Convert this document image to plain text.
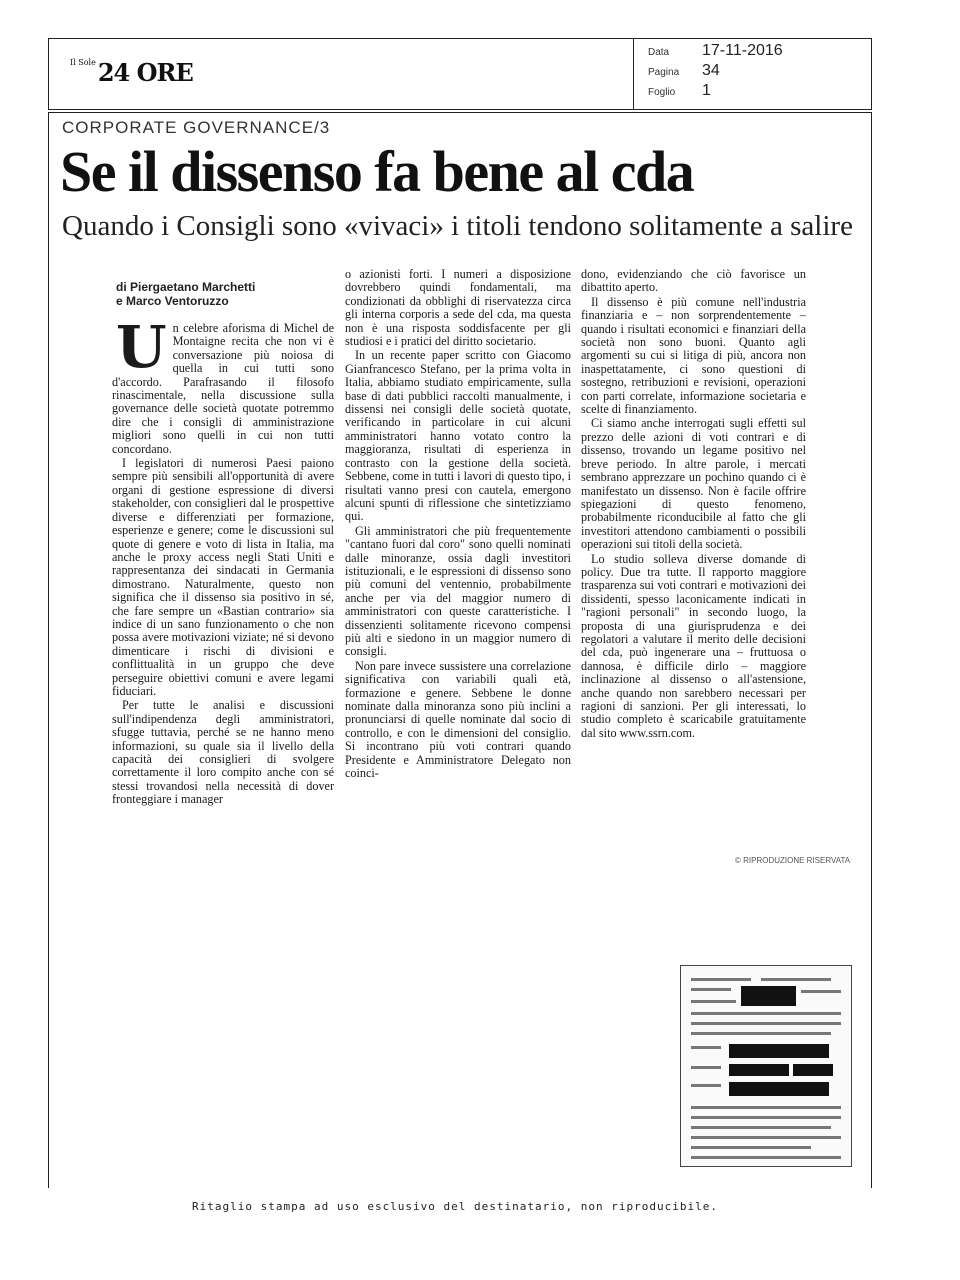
$^{Il Sole}$24 ORE
Data 17-11-2016
Pagina 34
Foglio 1
CORPORATE GOVERNANCE/3
Se il dissenso fa bene al cda
Quando i Consigli sono «vivaci» i titoli tendono solitamente a salire
di Piergaetano Marchetti
e Marco Ventoruzzo

Un celebre aforisma di Michel de Montaigne recita che non vi è conversazione più noiosa di quella in cui tutti sono d'accordo. Parafrasando il filosofo rinascimentale, nella discussione sulla governance delle società quotate potremmo dire che i consigli di amministrazione migliori sono quelli in cui non tutti concordano.

I legislatori di numerosi Paesi paiono sempre più sensibili all'opportunità di avere organi di gestione espressione di diversi stakeholder, con consiglieri dal le prospettive diverse e differenziati per formazione, esperienze e genere; come le discussioni sul quote di genere e voto di lista in Italia, ma anche le proxy access negli Stati Uniti e rappresentanza dei sindacati in Germania dimostrano. Naturalmente, questo non significa che il dissenso sia positivo in sé, che fare sempre un «Bastian contrario» sia indice di un sano funzionamento o che non possa avere motivazioni viziate; né si devono dimenticare i rischi di divisioni e conflittualità in un gruppo che deve perseguire obiettivi comuni e avere legami fiduciari.

Per tutte le analisi e discussioni sull'indipendenza degli amministratori, sfugge tuttavia, perché se ne hanno meno informazioni, su quale sia il livello della capacità dei consiglieri di svolgere correttamente il loro compito anche con sé stessi trovandosi nella necessità di dover fronteggiare i manager

o azionisti forti. I numeri a disposizione dovrebbero quindi fondamentali, ma condizionati da obblighi di riservatezza circa gli interna corporis a sede del cda, ma questa non è una risposta soddisfacente per gli studiosi e i pratici del diritto societario.

In un recente paper scritto con Giacomo Gianfrancesco Stefano, per la prima volta in Italia, abbiamo studiato empiricamente, sulla base di dati pubblici raccolti manualmente, i dissensi nei consigli delle società quotate, verificando in particolare in cui alcuni amministratori hanno votato contro la maggioranza, risultati di esperienza in contrasto con la gestione della società. Sebbene, come in tutti i lavori di questo tipo, i risultati vanno presi con cautela, emergono alcuni spunti di riflessione che sintetizziamo qui.

Gli amministratori che più frequentemente "cantano fuori dal coro" sono quelli nominati dalle minoranze, ossia dagli investitori istituzionali, e le espressioni di dissenso sono più comuni del ventennio, probabilmente anche per via del maggior numero di amministratori con queste caratteristiche. I dissenzienti solitamente ricevono compensi più alti e siedono in un maggior numero di consigli.

Non pare invece sussistere una correlazione significativa con variabili quali età, formazione e genere. Sebbene le donne nominate dalla minoranza sono più inclini a pronunciarsi di quelle nominate dal socio di controllo, e con le dimensioni del consiglio. Si incontrano più voti contrari quando Presidente e Amministratore Delegato non coinci-

dono, evidenziando che ciò favorisce un dibattito aperto.

Il dissenso è più comune nell'industria finanziaria e – non sorprendentemente – quando i risultati economici e finanziari della società non sono buoni. Quanto agli argomenti su cui si litiga di più, ancora non inaspettatamente, ci sono questioni di sostegno, retribuzioni e revisioni, operazioni con parti correlate, informazione societaria e scelte di finanziamento.

Ci siamo anche interrogati sugli effetti sul prezzo delle azioni di voti contrari e di dissenso, trovando un legame positivo nel breve periodo. In altre parole, i mercati sembrano apprezzare un pochino quando ci è manifestato un dissenso. Non è facile offrire spiegazioni di questo fenomeno, probabilmente riconducibile al fatto che gli investitori attendono cambiamenti o possibili operazioni sui titoli della società.

Lo studio solleva diverse domande di policy. Due tra tutte. Il rapporto maggiore trasparenza sui voti contrari e motivazioni dei dissidenti, spesso laconicamente indicati in "ragioni personali" in secondo luogo, la proposta di una giurisprudenza e dei regolatori a valutare il merito delle decisioni del cda, può ingenerare una – fruttuosa o dannosa, è difficile dirlo – maggiore inclinazione al dissenso o all'astensione, anche quando non sarebbero necessari per ragioni di sanzioni. Per gli interessati, lo studio completo è scaricabile gratuitamente dal sito www.ssrn.com.

© RIPRODUZIONE RISERVATA
Ritaglio stampa ad uso esclusivo del destinatario, non riproducibile.
